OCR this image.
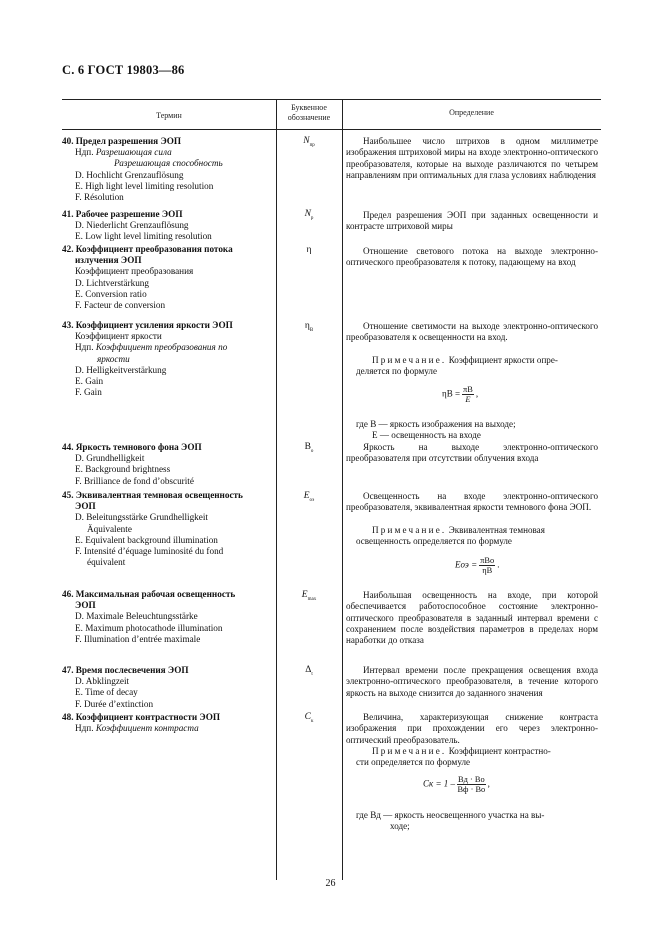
С. 6 ГОСТ 19803—86
Термин
Буквенное
обозначение
Определение
40. Предел разрешения ЭОП
Ндп. Разрешающая сила
Разрешающая способность
D. Hochlicht Grenzauflösung
E. High light level limiting resolution
F. Résolution
$N_{пр}$	Наибольшее число штрихов в одном миллиметре изображения штриховой миры на входе электронно-оптического преобразователя, которые на выходе различаются по четырем направлениям при оптимальных для глаза условиях наблюдения

41. Рабочее разрешение ЭОП
D. Niederlicht Grenzauflösung
E. Low light level limiting resolution
$N_р$	Предел разрешения ЭОП при заданных освещенности и контрасте штриховой миры

42. Коэффициент преобразования потока
излучения ЭОП
Коэффициент преобразования
D. Lichtverstärkung
E. Conversion ratio
F. Facteur de conversion
η	Отношение светового потока на выходе электронно-оптического преобразователя к потоку, падающему на вход

43. Коэффициент усиления яркости ЭОП
Коэффициент яркости
Ндп. Коэффициент преобразования по
яркости
D. Helligkeitverstärkung
E. Gain
F. Gain
$\eta_В$	Отношение светимости на выходе электронно-оптического преобразователя к освещенности на вход.

Примечание. Коэффициент яркости опре-

деляется по формуле

$\eta В = \frac{\pi B}{E}$ ,

где B — яркость изображения на выходе;

E — освещенность на входе

44. Яркость темнового фона ЭОП
D. Grundhelligkeit
E. Background brightness
F. Brilliance de fond d’obscurité
$В_о$	Яркость на выходе электронно-оптического преобразователя при отсутствии облучения входа

45. Эквивалентная темновая освещенность
ЭОП
D. Beleitungsstärke Grundhelligkeit
Äquivalente
E. Equivalent background illumination
F. Intensité d’équage luminosité du fond
équivalent
$E_{оэ}$	Освещенность на входе электронно-оптического преобразователя, эквивалентная яркости темнового фона ЭОП.

Примечание. Эквивалентная темновая

освещенность определяется по формуле

Eоэ = $\frac{\text{πBо}}{\eta B}$ .
46. Максимальная рабочая освещенность
ЭОП
D. Maximale Beleuchtungsstärke
E. Maximum photocathode illumination
F. Illumination d’entrée maximale
$E_{max}$	Наибольшая освещенность на входе, при которой обеспечивается работоспособное состояние электронно-оптического преобразователя в заданный интервал времени с сохранением после воздействия параметров в пределах норм наработки до отказа

47. Время послесвечения ЭОП
D. Abklingzeit
E. Time of decay
F. Durée d’extinction
$\Delta_t$	Интервал времени после прекращения освещения входа электронно-оптического преобразователя, в течение которого яркость на выходе снизится до заданного значения

48. Коэффициент контрастности ЭОП
Ндп. Коэффициент контраста
$C_к$	Величина, характеризующая снижение контраста изображения при прохождении его через электронно-оптический преобразователь.

Примечание. Коэффициент контрастно-

сти определяется по формуле

Cк = $1 - \frac{Bд \cdot Bо}{Bф \cdot Bо}$ ,

где Bд — яркость неосвещенного участка на вы-

ходе;

26
